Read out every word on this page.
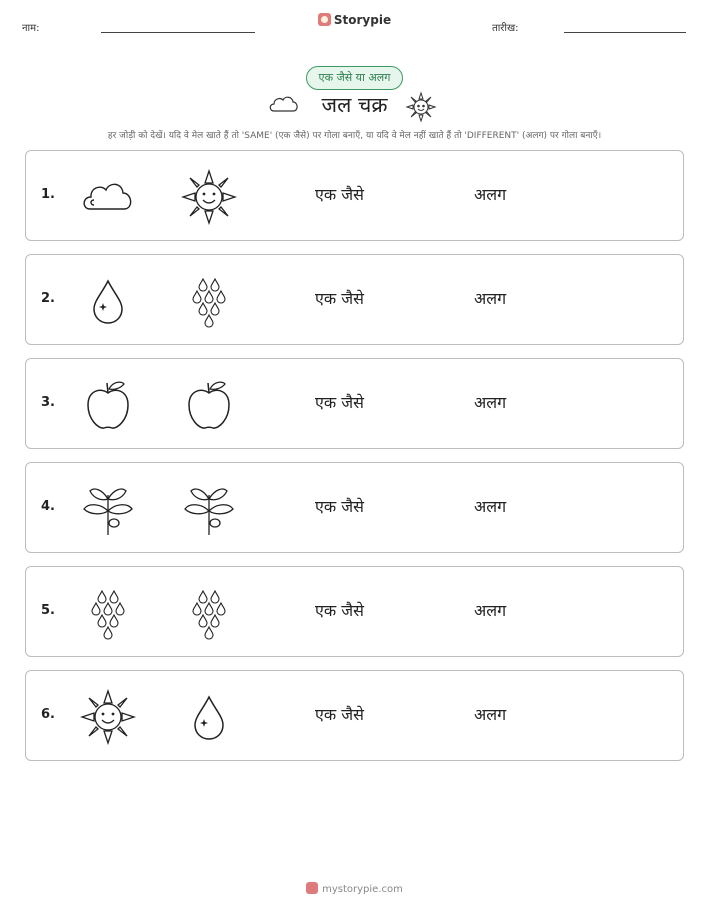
नाम:
Storypie
तारीख:
एक जैसे या अलग
जल चक्र
हर जोड़ी को देखें। यदि वे मेल खाते हैं तो 'SAME' (एक जैसे) पर गोला बनाएँ, या यदि वे मेल नहीं खाते हैं तो 'DIFFERENT' (अलग) पर गोला बनाएँ।
1.	एक जैसे	अलग
2.	एक जैसे	अलग
3.	एक जैसे	अलग
4.	एक जैसे	अलग
5.	एक जैसे	अलग
6.	एक जैसे	अलग
mystorypie.com
